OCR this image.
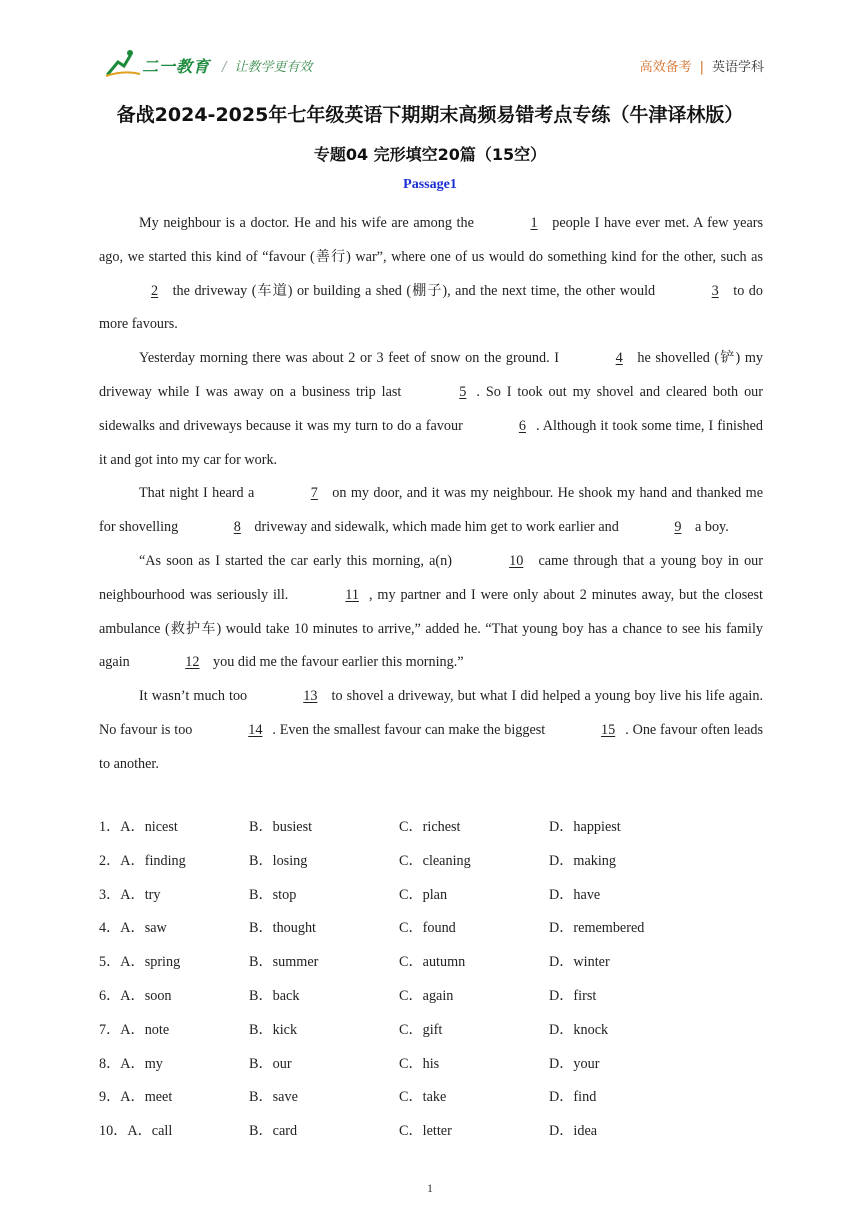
二一教育 / 让教学更有效	高效备考 | 英语学科
备战2024-2025年七年级英语下期期末高频易错考点专练（牛津译林版）
专题04 完形填空20篇（15空）
Passage1

My neighbour is a doctor. He and his wife are among the	1 people I have ever met. A few years ago, we started this kind of “favour (善行) war”, where one of us would do something kind for the other, such as 2 the driveway (车道) or building a shed (棚子), and the next time, the other would	3 to do more favours.

Yesterday morning there was about 2 or 3 feet of snow on the ground. I	4 he shovelled (铲) my driveway while I was away on a business trip last	5 . So I took out my shovel and cleared both our sidewalks and driveways because it was my turn to do a favour	6 . Although it took some time, I finished it and got into my car for work.

That night I heard a	7 on my door, and it was my neighbour. He shook my hand and thanked me for shovelling	8 driveway and sidewalk, which made him get to work earlier and	9 a boy.

“As soon as I started the car early this morning, a(n)	10 came through that a young boy in our neighbourhood was seriously ill.	11 , my partner and I were only about 2 minutes away, but the closest ambulance (救护车) would take 10 minutes to arrive,” added he. “That young boy has a chance to see his family again	12 you did me the favour earlier this morning.”

It wasn’t much too	13 to shovel a driveway, but what I did helped a young boy live his life again. No favour is too	14 . Even the smallest favour can make the biggest	15 . One favour often leads to another.

1．A．nicest	B．busiest	C．richest	D．happiest
2．A．finding	B．losing	C．cleaning	D．making
3．A．try	B．stop	C．plan	D．have
4．A．saw	B．thought	C．found	D．remembered
5．A．spring	B．summer	C．autumn	D．winter
6．A．soon	B．back	C．again	D．first
7．A．note	B．kick	C．gift	D．knock
8．A．my	B．our	C．his	D．your
9．A．meet	B．save	C．take	D．find
10．A．call	B．card	C．letter	D．idea
1
